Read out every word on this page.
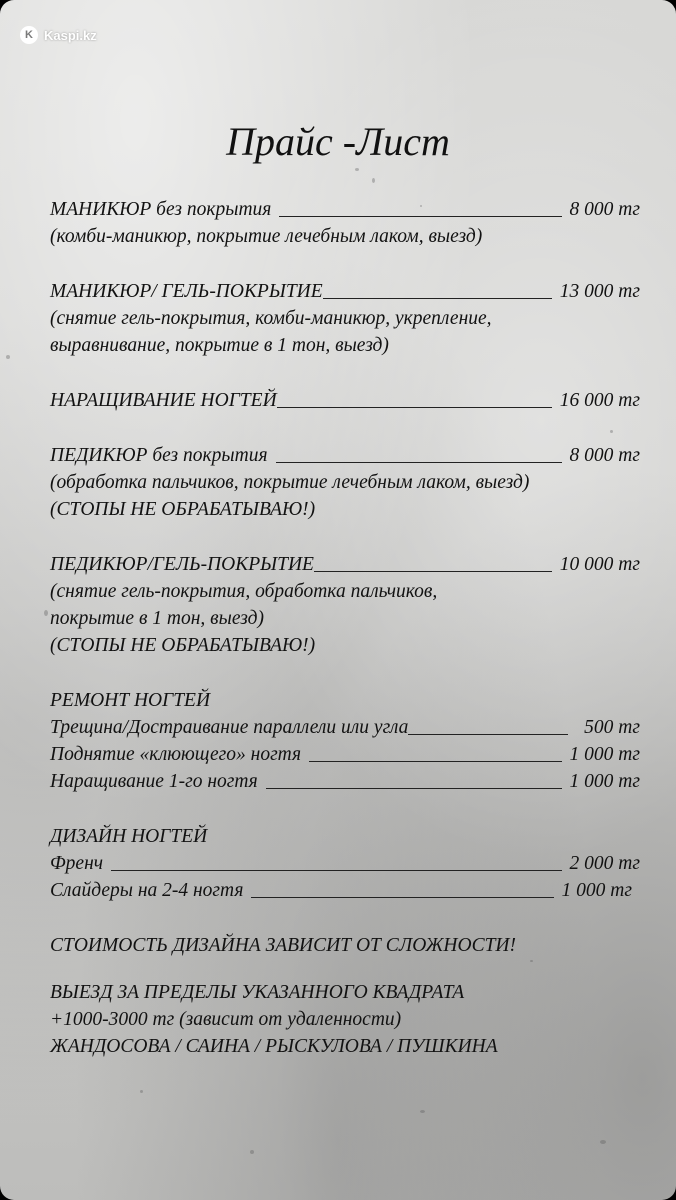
K Kaspi.kz
Прайс -Лист
МАНИКЮР без покрытия	8 000 тг
(комби-маникюр, покрытие лечебным лаком, выезд)
МАНИКЮР/ ГЕЛЬ-ПОКРЫТИЕ	13 000 тг
(снятие гель-покрытия, комби-маникюр, укрепление,
выравнивание, покрытие в 1 тон, выезд)
НАРАЩИВАНИЕ НОГТЕЙ	16 000 тг
ПЕДИКЮР без покрытия	8 000 тг
(обработка пальчиков, покрытие лечебным лаком, выезд)
(СТОПЫ НЕ ОБРАБАТЫВАЮ!)
ПЕДИКЮР/ГЕЛЬ-ПОКРЫТИЕ	10 000 тг
(снятие гель-покрытия, обработка пальчиков,
покрытие в 1 тон, выезд)
(СТОПЫ НЕ ОБРАБАТЫВАЮ!)
РЕМОНТ НОГТЕЙ
Трещина/Достраивание параллели или угла	500 тг
Поднятие «клюющего» ногтя	1 000 тг
Наращивание 1-го ногтя	1 000 тг
ДИЗАЙН НОГТЕЙ
Френч	2 000 тг
Слайдеры на 2-4 ногтя	1 000 тг
СТОИМОСТЬ ДИЗАЙНА ЗАВИСИТ ОТ СЛОЖНОСТИ!
ВЫЕЗД ЗА ПРЕДЕЛЫ УКАЗАННОГО КВАДРАТА
+1000-3000 тг (зависит от удаленности)
ЖАНДОСОВА / САИНА / РЫСКУЛОВА / ПУШКИНА
